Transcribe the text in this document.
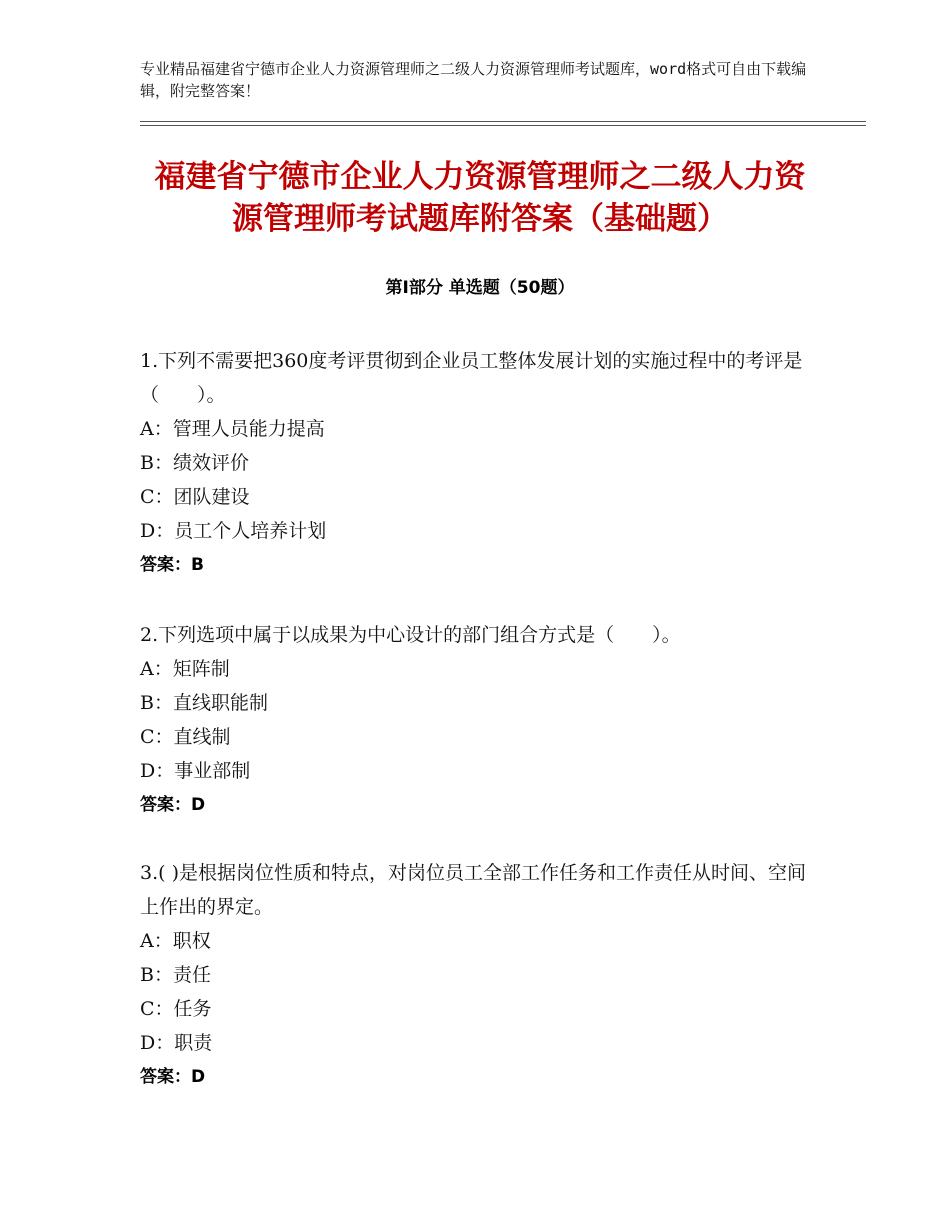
专业精品福建省宁德市企业人力资源管理师之二级人力资源管理师考试题库，word格式可自由下载编辑，附完整答案！

福建省宁德市企业人力资源管理师之二级人力资源管理师考试题库附答案（基础题）
第Ⅰ部分 单选题（50题）

1.下列不需要把360度考评贯彻到企业员工整体发展计划的实施过程中的考评是（　　）。

A：管理人员能力提高

B：绩效评价

C：团队建设

D：员工个人培养计划

答案：B

2.下列选项中属于以成果为中心设计的部门组合方式是（　　）。

A：矩阵制

B：直线职能制

C：直线制

D：事业部制

答案：D

3.( )是根据岗位性质和特点，对岗位员工全部工作任务和工作责任从时间、空间上作出的界定。

A：职权

B：责任

C：任务

D：职责

答案：D
